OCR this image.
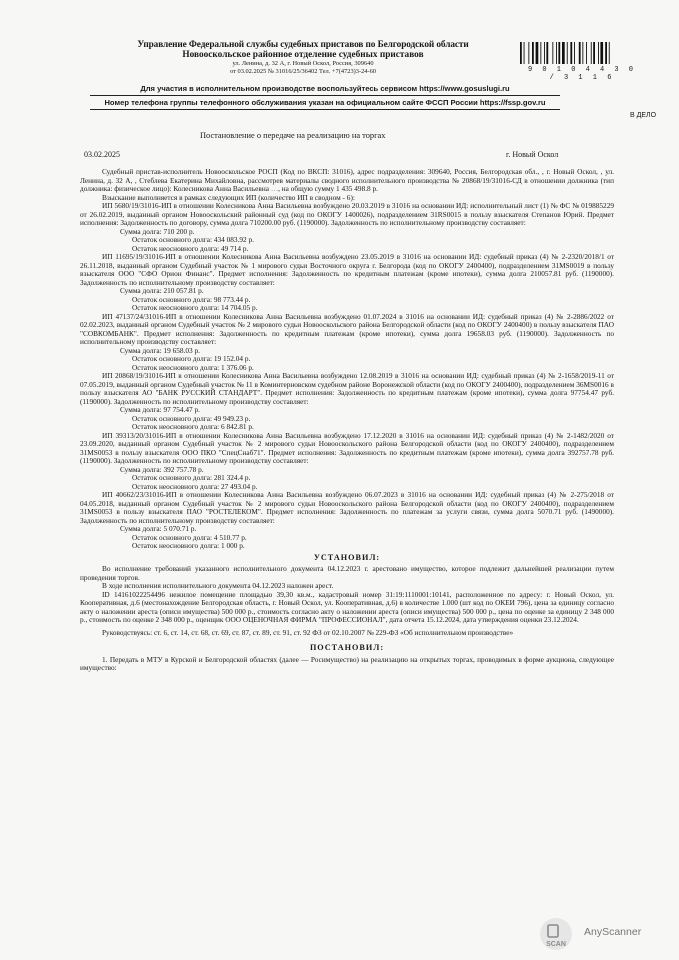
Управление Федеральной службы судебных приставов по Белгородской области
Новооскольское районное отделение судебных приставов
ул. Ленина, д. 32 А, г. Новый Оскол, Россия, 309640
от 03.02.2025 № 31016/25/36402 Тел. +7(4723)3-24-60	9 0 1 0 4 4 3 0 / 3 1 1 6
Для участия в исполнительном производстве воспользуйтесь сервисом https://www.gosuslugi.ru
Номер телефона группы телефонного обслуживания указан на официальном сайте ФССП России https://fssp.gov.ru
В ДЕЛО
Постановление о передаче на реализацию на торгах
03.02.2025	г. Новый Оскол

Судебный пристав-исполнитель Новооскольское РОСП (Код по ВКСП: 31016), адрес подразделения: 309640, Россия, Белгородская обл., , г. Новый Оскол, , ул. Ленина, д. 32 А, , Стеблева Екатерина Михайловна, рассмотрев материалы сводного исполнительного производства № 20868/19/31016-СД в отношении должника (тип должника: физическое лицо): Колесникова Анна Васильевна …, на общую сумму 1 435 498.8 р.

Взыскание выполняется в рамках следующих ИП (количество ИП в сводном - 6):

ИП 5680/19/31016-ИП в отношении Колесникова Анна Васильевна возбуждено 20.03.2019 в 31016 на основании ИД: исполнительный лист (1) № ФС № 019885229 от 26.02.2019, выданный органом Новооскольский районный суд (код по ОКОГУ 1400026), подразделением 31RS0015 в пользу взыскателя Степанов Юрий. Предмет исполнения: Задолженность по договору, сумма долга 710200.00 руб. (1190000). Задолженность по исполнительному производству составляет:

Сумма долга: 710 200 р.

Остаток основного долга: 434 083.92 р.

Остаток неосновного долга: 49 714 р.

ИП 11695/19/31016-ИП в отношении Колесникова Анна Васильевна возбуждено 23.05.2019 в 31016 на основании ИД: судебный приказ (4) № 2-2320/2018/1 от 26.11.2018, выданный органом Судебный участок № 1 мирового судьи Восточного округа г. Белгорода (код по ОКОГУ 2400400), подразделением 31MS0019 в пользу взыскателя ООО "СФО Орион Финанс". Предмет исполнения: Задолженность по кредитным платежам (кроме ипотеки), сумма долга 210057.81 руб. (1190000). Задолженность по исполнительному производству составляет:

Сумма долга: 210 057.81 р.

Остаток основного долга: 98 773.44 р.

Остаток неосновного долга: 14 704.05 р.

ИП 47137/24/31016-ИП в отношении Колесникова Анна Васильевна возбуждено 01.07.2024 в 31016 на основании ИД: судебный приказ (4) № 2-2886/2022 от 02.02.2023, выданный органом Судебный участок № 2 мирового судьи Новооскольского района Белгородской области (код по ОКОГУ 2400400) в пользу взыскателя ПАО "СОВКОМБАНК". Предмет исполнения: Задолженность по кредитным платежам (кроме ипотеки), сумма долга 19658.03 руб. (1190000). Задолженность по исполнительному производству составляет:

Сумма долга: 19 658.03 р.

Остаток основного долга: 19 152.04 р.

Остаток неосновного долга: 1 376.06 р.

ИП 20868/19/31016-ИП в отношении Колесникова Анна Васильевна возбуждено 12.08.2019 в 31016 на основании ИД: судебный приказ (4) № 2-1658/2019-11 от 07.05.2019, выданный органом Судебный участок № 11 в Коминтерновском судебном районе Воронежской области (код по ОКОГУ 2400400), подразделением 36MS0016 в пользу взыскателя АО "БАНК РУССКИЙ СТАНДАРТ". Предмет исполнения: Задолженность по кредитным платежам (кроме ипотеки), сумма долга 97754.47 руб. (1190000). Задолженность по исполнительному производству составляет:

Сумма долга: 97 754.47 р.

Остаток основного долга: 49 949.23 р.

Остаток неосновного долга: 6 842.81 р.

ИП 39313/20/31016-ИП в отношении Колесникова Анна Васильевна возбуждено 17.12.2020 в 31016 на основании ИД: судебный приказ (4) № 2-1482/2020 от 23.09.2020, выданный органом Судебный участок № 2 мирового судьи Новооскольского района Белгородской области (код по ОКОГУ 2400400), подразделением 31MS0053 в пользу взыскателя ООО ПКО "СпецСнаб71". Предмет исполнения: Задолженность по кредитным платежам (кроме ипотеки), сумма долга 392757.78 руб. (1190000). Задолженность по исполнительному производству составляет:

Сумма долга: 392 757.78 р.

Остаток основного долга: 281 324.4 р.

Остаток неосновного долга: 27 493.04 р.

ИП 40662/23/31016-ИП в отношении Колесникова Анна Васильевна возбуждено 06.07.2023 в 31016 на основании ИД: судебный приказ (4) № 2-275/2018 от 04.05.2018, выданный органом Судебный участок № 2 мирового судьи Новооскольского района Белгородской области (код по ОКОГУ 2400400), подразделением 31MS0053 в пользу взыскателя ПАО "РОСТЕЛЕКОМ". Предмет исполнения: Задолженность по платежам за услуги связи, сумма долга 5070.71 руб. (1490000). Задолженность по исполнительному производству составляет:

Сумма долга: 5 070.71 р.

Остаток основного долга: 4 510.77 р.

Остаток неосновного долга: 1 000 р.

УСТАНОВИЛ:

Во исполнение требований указанного исполнительного документа 04.12.2023 г. арестовано имущество, которое подлежит дальнейшей реализации путем проведения торгов.

В ходе исполнения исполнительного документа 04.12.2023 наложен арест.

ID 14161022254496 нежилое помещение площадью 39,30 кв.м., кадастровый номер 31:19:1110001:10141, расположенное по адресу: г. Новый Оскол, ул. Кооперативная, д.6 (местонахождение Белгородская область, г. Новый Оскол, ул. Кооперативная, д.6) в количестве 1.000 (шт код по ОКЕИ 796), цена за единицу согласно акту о наложении ареста (описи имущества) 500 000 р., стоимость согласно акту о наложении ареста (описи имущества) 500 000 р., цена по оценке за единицу 2 348 000 р., стоимость по оценке 2 348 000 р., оценщик ООО ОЦЕНОЧНАЯ ФИРМА "ПРОФЕССИОНАЛ", дата отчета 15.12.2024, дата утверждения оценки 23.12.2024.

Руководствуясь: ст. 6, ст. 14, ст. 68, ст. 69, ст. 87, ст. 89, ст. 91, ст. 92 ФЗ от 02.10.2007 № 229-ФЗ «Об исполнительном производстве»

ПОСТАНОВИЛ:

1. Передать в МТУ в Курской и Белгородской областях (далее — Росимущество) на реализацию на открытых торгах, проводимых в форме аукциона, следующее имущество:

SCAN
AnyScanner
